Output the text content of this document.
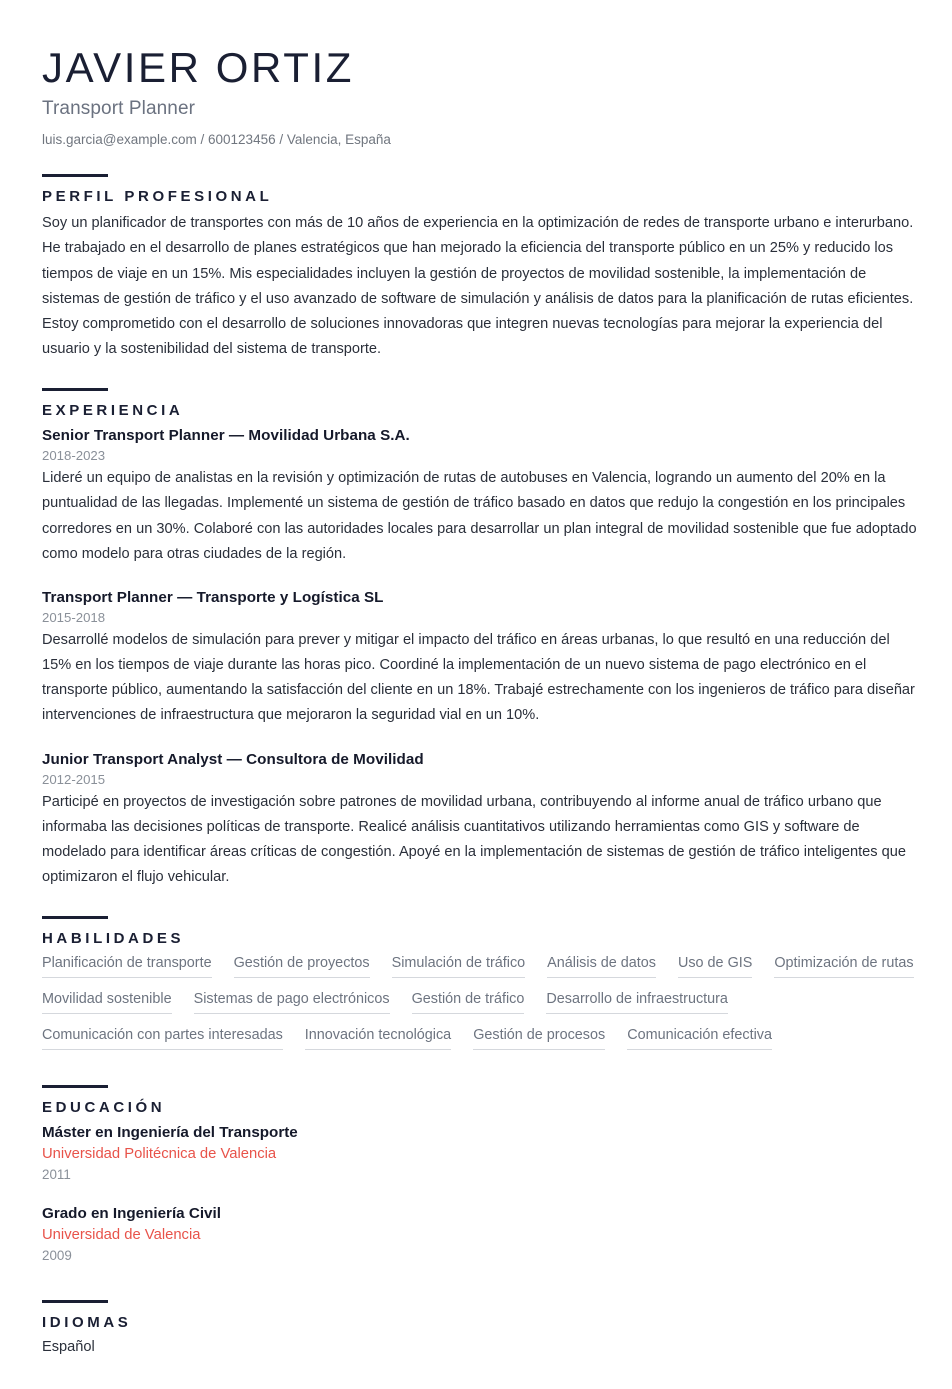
JAVIER ORTIZ
Transport Planner
luis.garcia@example.com / 600123456 / Valencia, España
PERFIL PROFESIONAL

Soy un planificador de transportes con más de 10 años de experiencia en la optimización de redes de transporte urbano e interurbano. He trabajado en el desarrollo de planes estratégicos que han mejorado la eficiencia del transporte público en un 25% y reducido los tiempos de viaje en un 15%. Mis especialidades incluyen la gestión de proyectos de movilidad sostenible, la implementación de sistemas de gestión de tráfico y el uso avanzado de software de simulación y análisis de datos para la planificación de rutas eficientes. Estoy comprometido con el desarrollo de soluciones innovadoras que integren nuevas tecnologías para mejorar la experiencia del usuario y la sostenibilidad del sistema de transporte.

EXPERIENCIA
Senior Transport Planner — Movilidad Urbana S.A.
2018-2023

Lideré un equipo de analistas en la revisión y optimización de rutas de autobuses en Valencia, logrando un aumento del 20% en la puntualidad de las llegadas. Implementé un sistema de gestión de tráfico basado en datos que redujo la congestión en los principales corredores en un 30%. Colaboré con las autoridades locales para desarrollar un plan integral de movilidad sostenible que fue adoptado como modelo para otras ciudades de la región.

Transport Planner — Transporte y Logística SL
2015-2018

Desarrollé modelos de simulación para prever y mitigar el impacto del tráfico en áreas urbanas, lo que resultó en una reducción del 15% en los tiempos de viaje durante las horas pico. Coordiné la implementación de un nuevo sistema de pago electrónico en el transporte público, aumentando la satisfacción del cliente en un 18%. Trabajé estrechamente con los ingenieros de tráfico para diseñar intervenciones de infraestructura que mejoraron la seguridad vial en un 10%.

Junior Transport Analyst — Consultora de Movilidad
2012-2015

Participé en proyectos de investigación sobre patrones de movilidad urbana, contribuyendo al informe anual de tráfico urbano que informaba las decisiones políticas de transporte. Realicé análisis cuantitativos utilizando herramientas como GIS y software de modelado para identificar áreas críticas de congestión. Apoyé en la implementación de sistemas de gestión de tráfico inteligentes que optimizaron el flujo vehicular.

HABILIDADES
Planificación de transporte Gestión de proyectos Simulación de tráfico Análisis de datos Uso de GIS Optimización de rutas
Movilidad sostenible Sistemas de pago electrónicos Gestión de tráfico Desarrollo de infraestructura
Comunicación con partes interesadas Innovación tecnológica Gestión de procesos Comunicación efectiva
EDUCACIÓN
Máster en Ingeniería del Transporte
Universidad Politécnica de Valencia
2011
Grado en Ingeniería Civil
Universidad de Valencia
2009
IDIOMAS
Español
